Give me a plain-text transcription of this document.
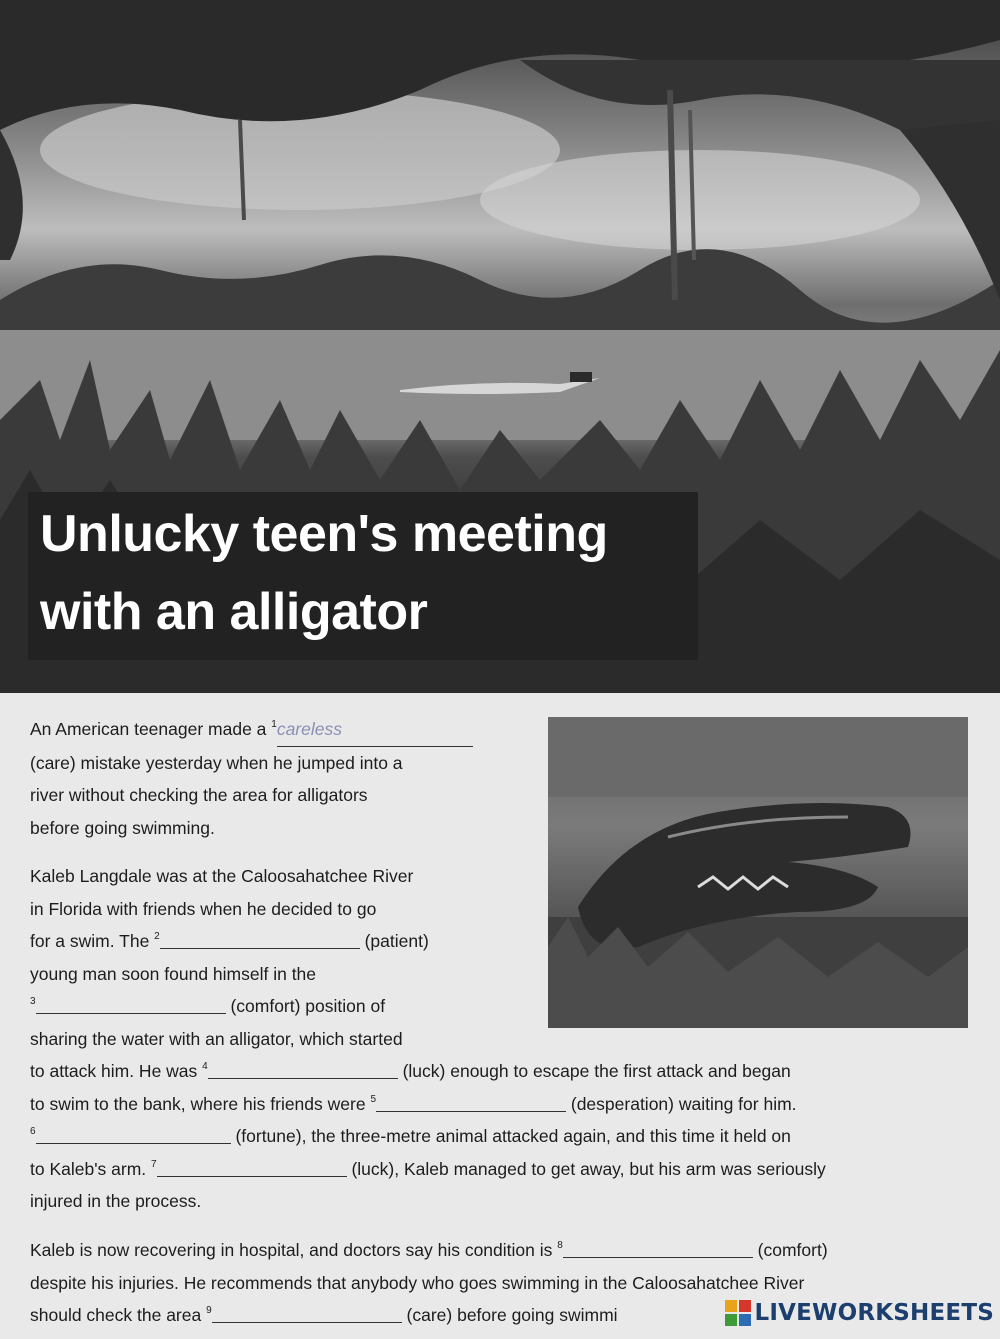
Unlucky teen's meeting
with an alligator
An American teenager made a $^1$careless
(care) mistake yesterday when he jumped into a
river without checking the area for alligators
before going swimming.
Kaleb Langdale was at the Caloosahatchee River
in Florida with friends when he decided to go
for a swim. The $^2$	(patient)
young man soon found himself in the
$^3$	(comfort) position of
sharing the water with an alligator, which started
to attack him. He was $^4$	(luck) enough to escape the first attack and began
to swim to the bank, where his friends were $^5$	(desperation) waiting for him.
$^6$	(fortune), the three-metre animal attacked again, and this time it held on
to Kaleb's arm. $^7$	(luck), Kaleb managed to get away, but his arm was seriously
injured in the process.
Kaleb is now recovering in hospital, and doctors say his condition is $^8$	(comfort)
despite his injuries. He recommends that anybody who goes swimming in the Caloosahatchee River
should check the area $^9$	(care) before going swimmi	LIVEWORKSHEETS
